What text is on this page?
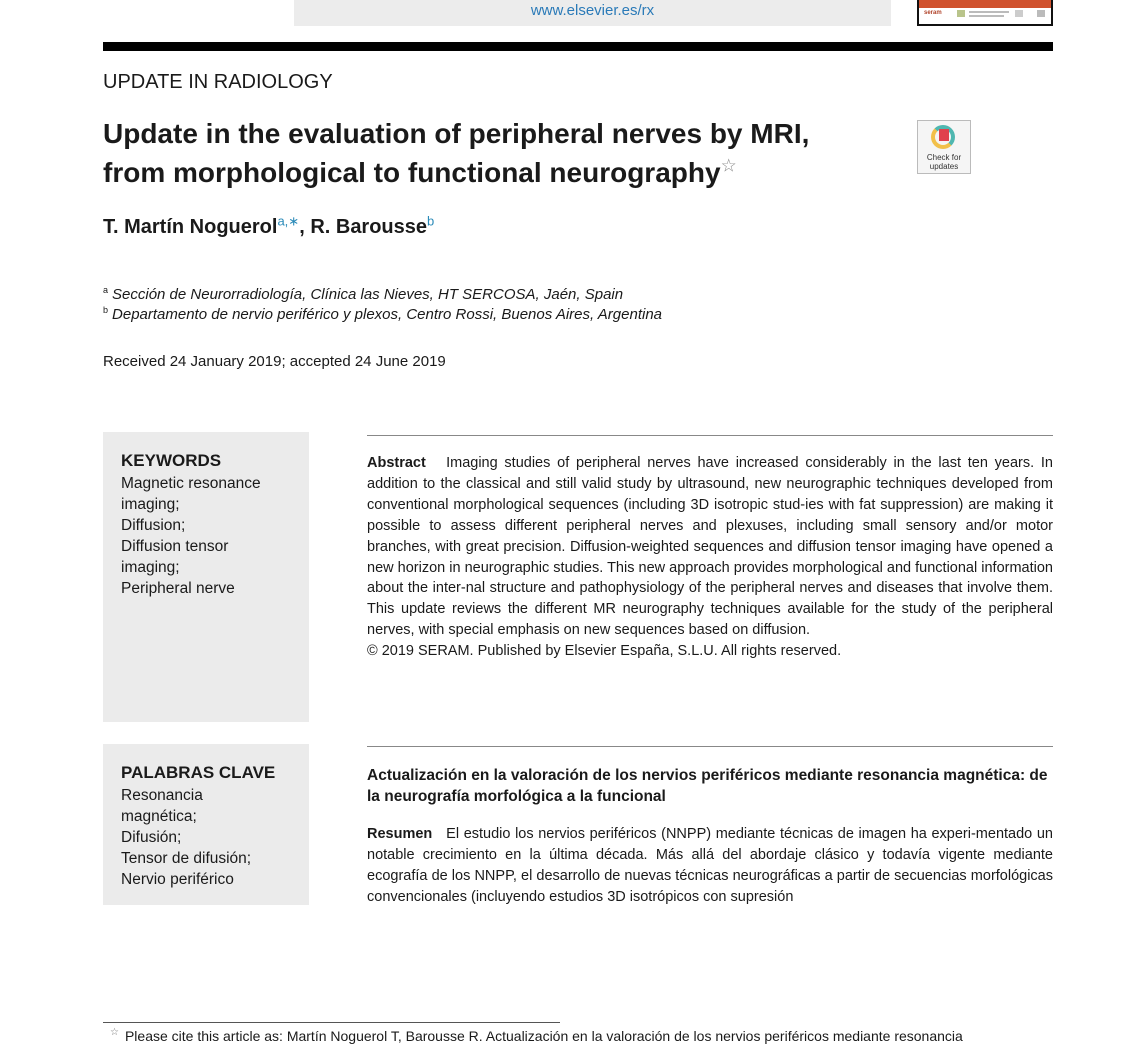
www.elsevier.es/rx	seram
UPDATE IN RADIOLOGY
Update in the evaluation of peripheral nerves by MRI,
from morphological to functional neurography☆	Check for
updates
T. Martín Noguerol$^{a,∗}$, R. Barousse$^b$
$^a$ Sección de Neurorradiología, Clínica las Nieves, HT SERCOSA, Jaén, Spain
$^b$ Departamento de nervio periférico y plexos, Centro Rossi, Buenos Aires, Argentina
Received 24 January 2019; accepted 24 June 2019
KEYWORDS
Magnetic resonance
imaging;
Diffusion;
Diffusion tensor
imaging;
Peripheral nerve
Abstract Imaging studies of peripheral nerves have increased considerably in the last ten years. In addition to the classical and still valid study by ultrasound, new neurographic techniques developed from conventional morphological sequences (including 3D isotropic stud-ies with fat suppression) are making it possible to assess different peripheral nerves and plexuses, including small sensory and/or motor branches, with great precision. Diffusion-weighted sequences and diffusion tensor imaging have opened a new horizon in neurographic studies. This new approach provides morphological and functional information about the inter-nal structure and pathophysiology of the peripheral nerves and diseases that involve them. This update reviews the different MR neurography techniques available for the study of the peripheral nerves, with special emphasis on new sequences based on diffusion.
© 2019 SERAM. Published by Elsevier España, S.L.U. All rights reserved.
PALABRAS CLAVE
Resonancia
magnética;
Difusión;
Tensor de difusión;
Nervio periférico
Actualización en la valoración de los nervios periféricos mediante resonancia magnética: de la neurografía morfológica a la funcional
Resumen El estudio los nervios periféricos (NNPP) mediante técnicas de imagen ha experi-mentado un notable crecimiento en la última década. Más allá del abordaje clásico y todavía vigente mediante ecografía de los NNPP, el desarrollo de nuevas técnicas neurográficas a partir de secuencias morfológicas convencionales (incluyendo estudios 3D isotrópicos con supresión
☆ Please cite this article as: Martín Noguerol T, Barousse R. Actualización en la valoración de los nervios periféricos mediante resonancia
